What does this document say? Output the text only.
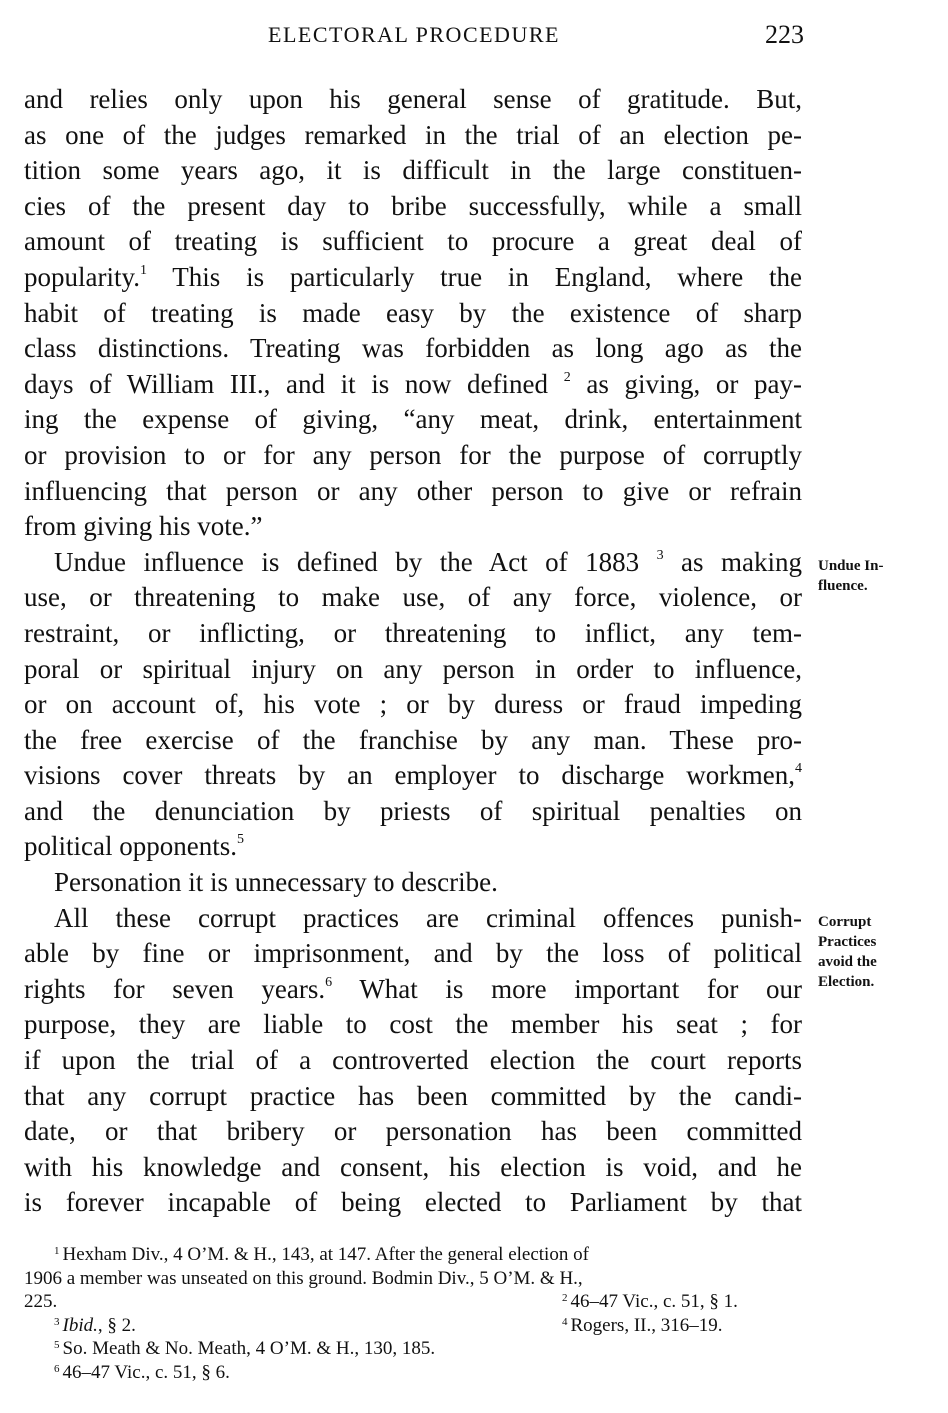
ELECTORAL PROCEDURE	223
and relies only upon his general sense of gratitude. But,
as one of the judges remarked in the trial of an election pe-
tition some years ago, it is difficult in the large constituen-
cies of the present day to bribe successfully, while a small
amount of treating is sufficient to procure a great deal of
popularity.$^1$ This is particularly true in England, where the
habit of treating is made easy by the existence of sharp
class distinctions. Treating was forbidden as long ago as the
days of William III., and it is now defined $^2$ as giving, or pay-
ing the expense of giving, “any meat, drink, entertainment
or provision to or for any person for the purpose of corruptly
influencing that person or any other person to give or refrain
from giving his vote.”
Undue influence is defined by the Act of 1883 $^3$ as making
use, or threatening to make use, of any force, violence, or
restraint, or inflicting, or threatening to inflict, any tem-
poral or spiritual injury on any person in order to influence,
or on account of, his vote ; or by duress or fraud impeding
the free exercise of the franchise by any man. These pro-
visions cover threats by an employer to discharge workmen,$^4$
and the denunciation by priests of spiritual penalties on
political opponents.$^5$
Personation it is unnecessary to describe.
All these corrupt practices are criminal offences punish-
able by fine or imprisonment, and by the loss of political
rights for seven years.$^6$ What is more important for our
purpose, they are liable to cost the member his seat ; for
if upon the trial of a controverted election the court reports
that any corrupt practice has been committed by the candi-
date, or that bribery or personation has been committed
with his knowledge and consent, his election is void, and he
is forever incapable of being elected to Parliament by that
Undue In-
fluence.
Corrupt
Practices
avoid the
Election.
$^1$ Hexham Div., 4 O’M. & H., 143, at 147. After the general election of
1906 a member was unseated on this ground. Bodmin Div., 5 O’M. & H.,
225.	$^2$ 46–47 Vic., c. 51, § 1.
$^3$ Ibid., § 2.	$^4$ Rogers, II., 316–19.
$^5$ So. Meath & No. Meath, 4 O’M. & H., 130, 185.
$^6$ 46–47 Vic., c. 51, § 6.
